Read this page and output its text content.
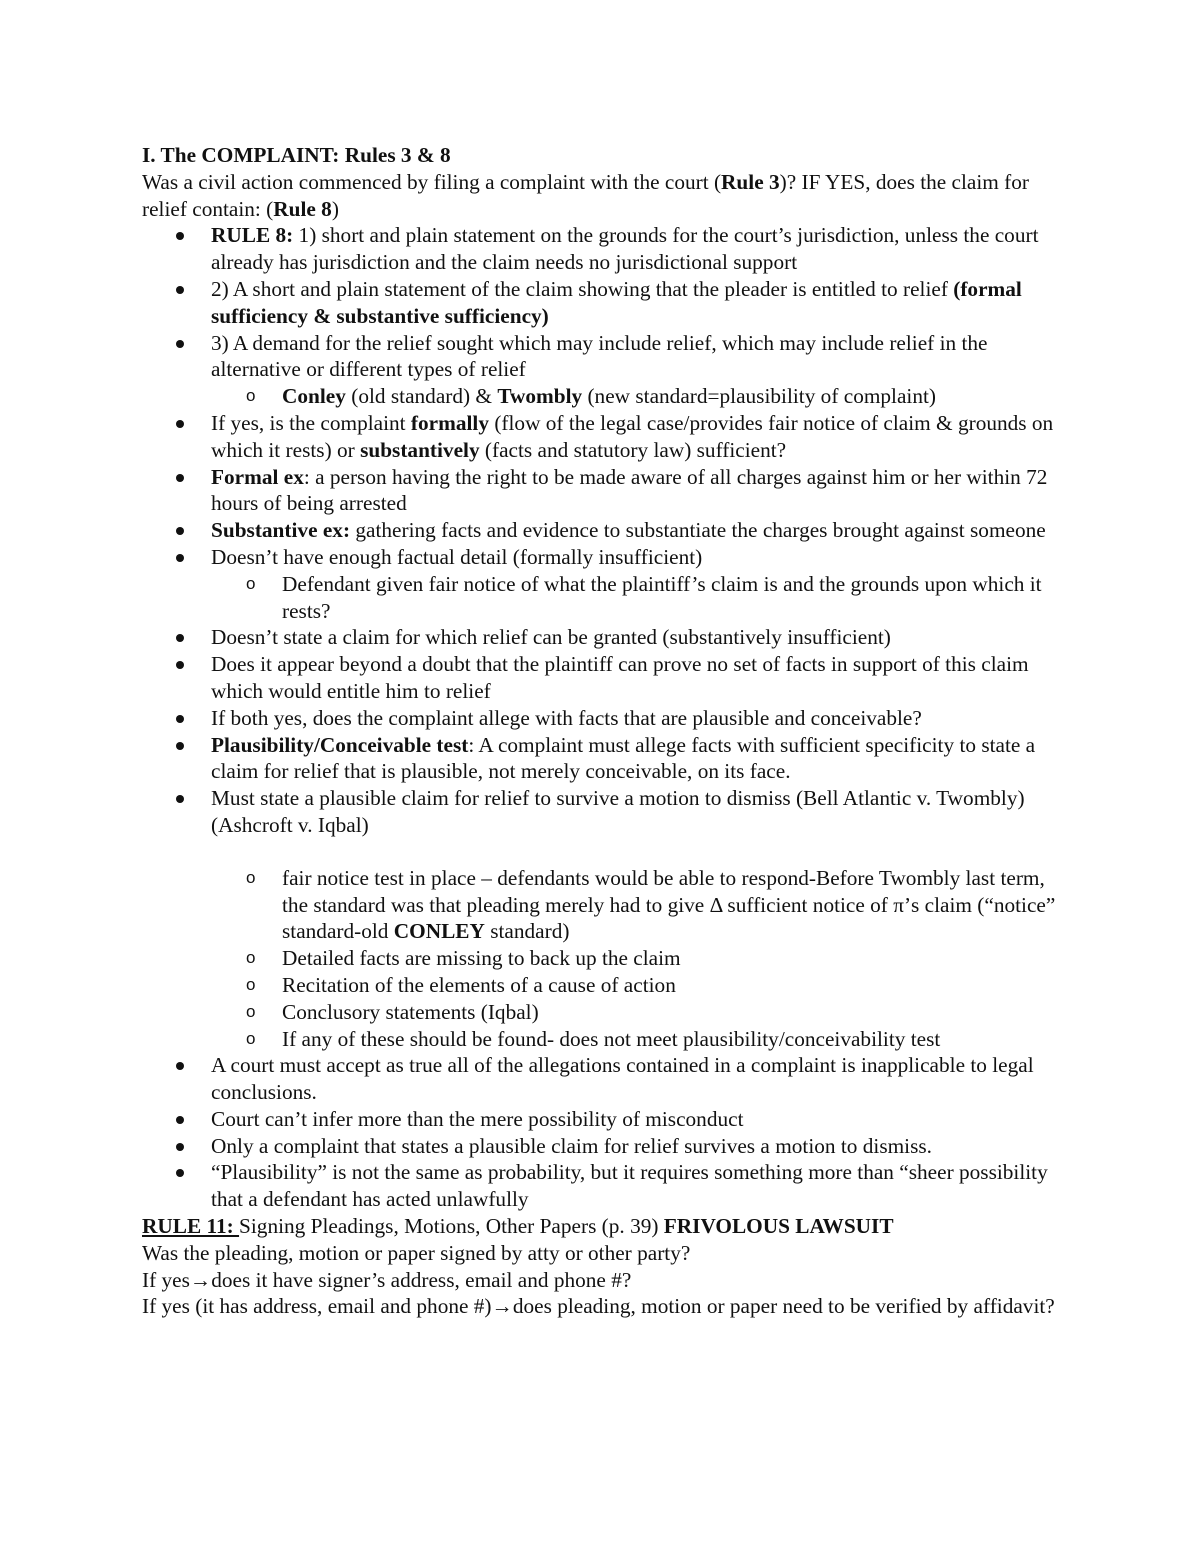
I. The COMPLAINT: Rules 3 & 8

Was a civil action commenced by filing a complaint with the court (Rule 3)? IF YES, does the claim for relief contain: (Rule 8)

RULE 8: 1) short and plain statement on the grounds for the court’s jurisdiction, unless the court already has jurisdiction and the claim needs no jurisdictional support
2) A short and plain statement of the claim showing that the pleader is entitled to relief (formal sufficiency & substantive sufficiency)
3) A demand for the relief sought which may include relief, which may include relief in the alternative or different types of relief
o Conley (old standard) & Twombly (new standard=plausibility of complaint)
If yes, is the complaint formally (flow of the legal case/provides fair notice of claim & grounds on which it rests) or substantively (facts and statutory law) sufficient?
Formal ex: a person having the right to be made aware of all charges against him or her within 72 hours of being arrested
Substantive ex: gathering facts and evidence to substantiate the charges brought against someone
Doesn’t have enough factual detail (formally insufficient)
o Defendant given fair notice of what the plaintiff’s claim is and the grounds upon which it rests?
Doesn’t state a claim for which relief can be granted (substantively insufficient)
Does it appear beyond a doubt that the plaintiff can prove no set of facts in support of this claim which would entitle him to relief
If both yes, does the complaint allege with facts that are plausible and conceivable?
Plausibility/Conceivable test: A complaint must allege facts with sufficient specificity to state a claim for relief that is plausible, not merely conceivable, on its face.
Must state a plausible claim for relief to survive a motion to dismiss (Bell Atlantic v. Twombly) (Ashcroft v. Iqbal)
o fair notice test in place – defendants would be able to respond-Before Twombly last term, the standard was that pleading merely had to give Δ sufficient notice of π’s claim (“notice” standard-old CONLEY standard)
o Detailed facts are missing to back up the claim
o Recitation of the elements of a cause of action
o Conclusory statements (Iqbal)
o If any of these should be found- does not meet plausibility/conceivability test
A court must accept as true all of the allegations contained in a complaint is inapplicable to legal conclusions.
Court can’t infer more than the mere possibility of misconduct
Only a complaint that states a plausible claim for relief survives a motion to dismiss.
“Plausibility” is not the same as probability, but it requires something more than “sheer possibility that a defendant has acted unlawfully

RULE 11: Signing Pleadings, Motions, Other Papers (p. 39) FRIVOLOUS LAWSUIT

Was the pleading, motion or paper signed by atty or other party?

If yes→does it have signer’s address, email and phone #?

If yes (it has address, email and phone #)→does pleading, motion or paper need to be verified by affidavit?
